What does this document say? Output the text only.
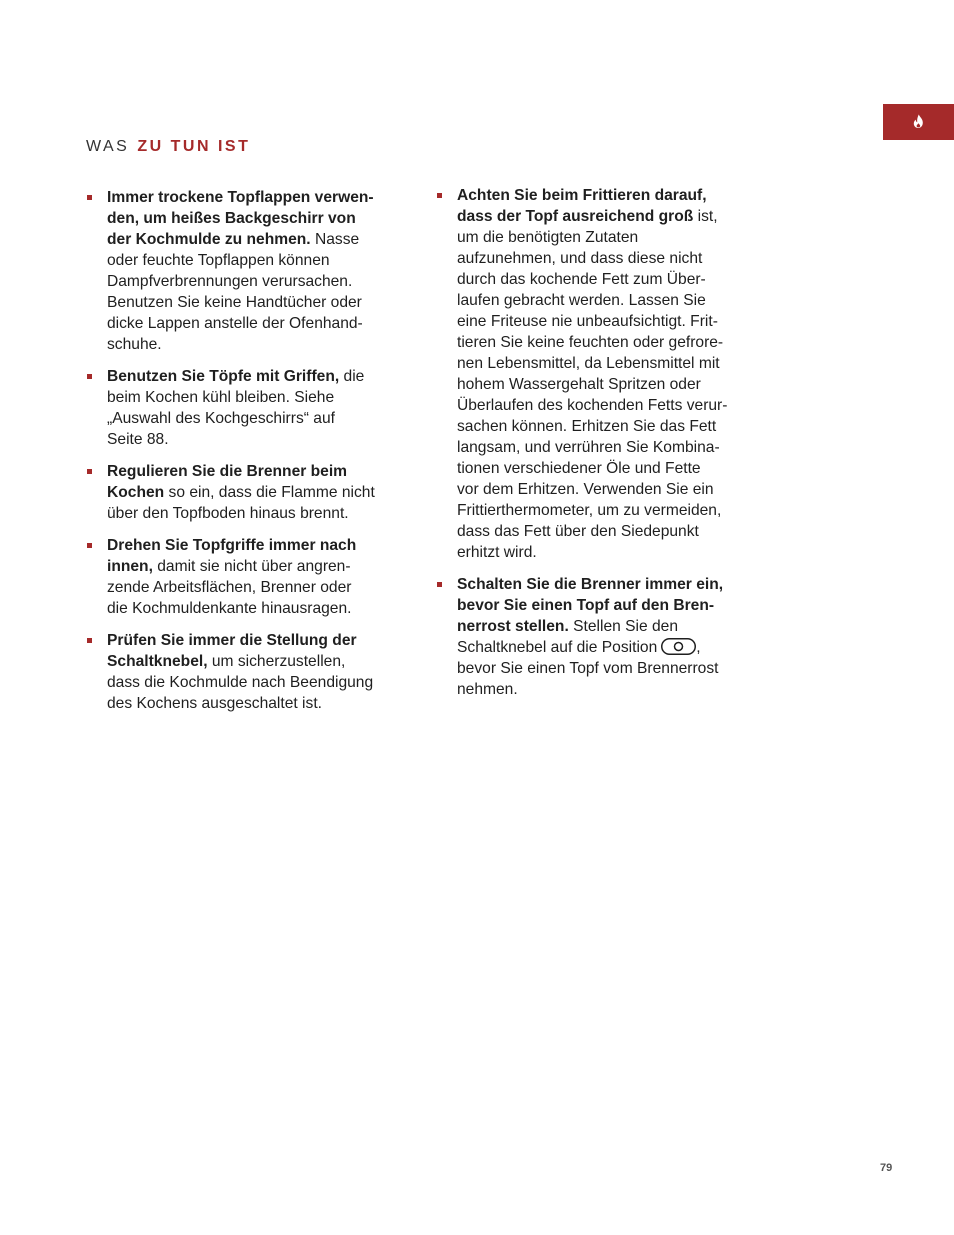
WAS ZU TUN IST
Immer trockene Topflappen verwen-
den, um heißes Backgeschirr von
der Kochmulde zu nehmen. Nasse
oder feuchte Topflappen können
Dampfverbrennungen verursachen.
Benutzen Sie keine Handtücher oder
dicke Lappen anstelle der Ofenhand-
schuhe.
Benutzen Sie Töpfe mit Griffen, die
beim Kochen kühl bleiben. Siehe
„Auswahl des Kochgeschirrs“ auf
Seite 88.
Regulieren Sie die Brenner beim
Kochen so ein, dass die Flamme nicht
über den Topfboden hinaus brennt.
Drehen Sie Topfgriffe immer nach
innen, damit sie nicht über angren-
zende Arbeitsflächen, Brenner oder
die Kochmuldenkante hinausragen.
Prüfen Sie immer die Stellung der
Schaltknebel, um sicherzustellen,
dass die Kochmulde nach Beendigung
des Kochens ausgeschaltet ist.
Achten Sie beim Frittieren darauf,
dass der Topf ausreichend groß ist,
um die benötigten Zutaten
aufzunehmen, und dass diese nicht
durch das kochende Fett zum Über-
laufen gebracht werden. Lassen Sie
eine Friteuse nie unbeaufsichtigt. Frit-
tieren Sie keine feuchten oder gefrore-
nen Lebensmittel, da Lebensmittel mit
hohem Wassergehalt Spritzen oder
Überlaufen des kochenden Fetts verur-
sachen können. Erhitzen Sie das Fett
langsam, und verrühren Sie Kombina-
tionen verschiedener Öle und Fette
vor dem Erhitzen. Verwenden Sie ein
Frittierthermometer, um zu vermeiden,
dass das Fett über den Siedepunkt
erhitzt wird.
Schalten Sie die Brenner immer ein,
bevor Sie einen Topf auf den Bren-
nerrost stellen. Stellen Sie den
Schaltknebel auf die Position	,
bevor Sie einen Topf vom Brennerrost
nehmen.
79
